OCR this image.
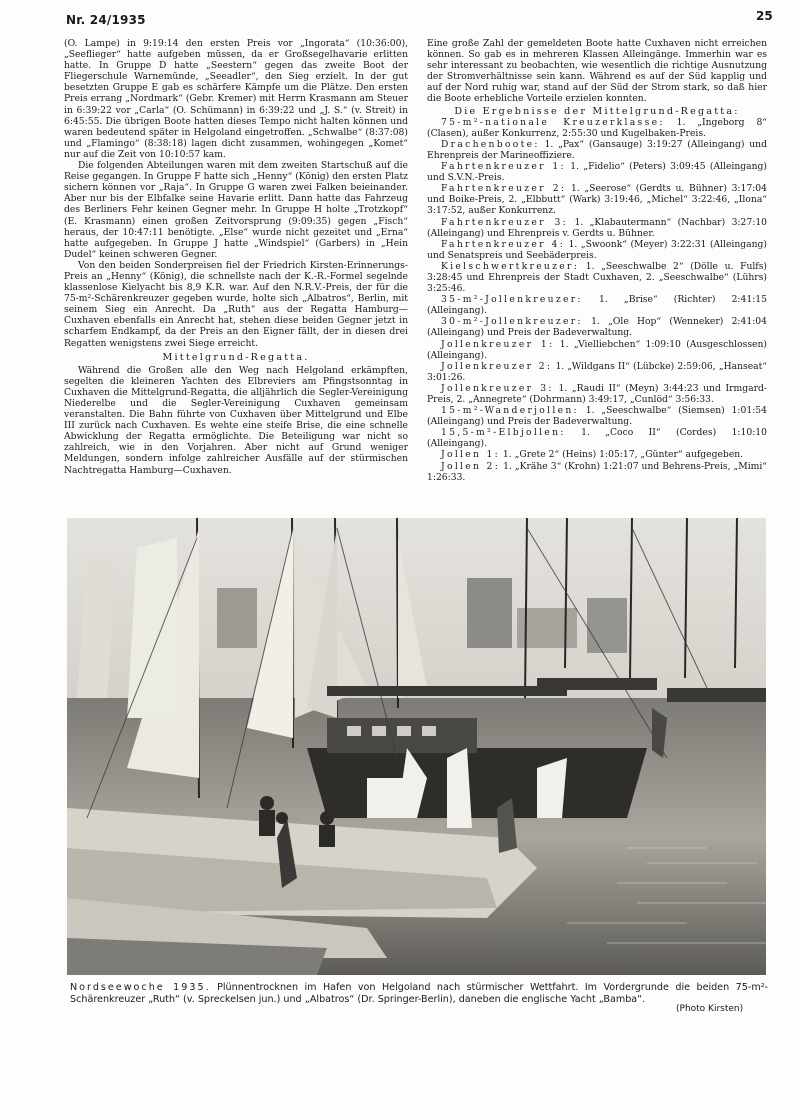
Nr. 24/1935	25

(O. Lampe) in 9:19:14 den ersten Preis vor „Ingorata“ (10:36:00), „Seeflieger“ hatte aufgeben müssen, da er Großsegelhavarie erlitten hatte. In Gruppe D hatte „Seestern“ gegen das zweite Boot der Fliegerschule Warnemünde, „Seeadler“, den Sieg erzielt. In der gut besetzten Gruppe E gab es schärfere Kämpfe um die Plätze. Den ersten Preis errang „Nordmark“ (Gebr. Kremer) mit Herrn Krasmann am Steuer in 6:39:22 vor „Carla“ (O. Schümann) in 6:39:22 und „J. S.“ (v. Streit) in 6:45:55. Die übrigen Boote hatten dieses Tempo nicht halten können und waren bedeutend später in Helgoland eingetroffen. „Schwalbe“ (8:37:08) und „Flamingo“ (8:38:18) lagen dicht zusammen, wohingegen „Komet“ nur auf die Zeit von 10:10:57 kam.

Die folgenden Abteilungen waren mit dem zweiten Startschuß auf die Reise gegangen. In Gruppe F hatte sich „Henny“ (König) den ersten Platz sichern können vor „Raja“. In Gruppe G waren zwei Falken beieinander. Aber nur bis der Elbfalke seine Havarie erlitt. Dann hatte das Fahrzeug des Berliners Fehr keinen Gegner mehr. In Gruppe H holte „Trotzkopf“ (E. Krasmann) einen großen Zeitvorsprung (9:09:35) gegen „Fisch“ heraus, der 10:47:11 benötigte. „Else“ wurde nicht gezeitet und „Erna“ hatte aufgegeben. In Gruppe J hatte „Windspiel“ (Garbers) in „Hein Dudel“ keinen schweren Gegner.

Von den beiden Sonderpreisen fiel der Friedrich Kirsten-Erinnerungs-Preis an „Henny“ (König), die schnellste nach der K.-R.-Formel segelnde klassenlose Kielyacht bis 8,9 K.R. war. Auf den N.R.V.-Preis, der für die 75-m²-Schärenkreuzer gegeben wurde, holte sich „Albatros“, Berlin, mit seinem Sieg ein Anrecht. Da „Ruth“ aus der Regatta Hamburg—Cuxhaven ebenfalls ein Anrecht hat, stehen diese beiden Gegner jetzt in scharfem Endkampf, da der Preis an den Eigner fällt, der in diesen drei Regatten wenigstens zwei Siege erreicht.

Mittelgrund-Regatta.

Während die Großen alle den Weg nach Helgoland erkämpften, segelten die kleineren Yachten des Elbreviers am Pfingstsonntag in Cuxhaven die Mittelgrund-Regatta, die alljährlich die Segler-Vereinigung Niederelbe und die Segler-Vereinigung Cuxhaven gemeinsam veranstalten. Die Bahn führte von Cuxhaven über Mittelgrund und Elbe III zurück nach Cuxhaven. Es wehte eine steife Brise, die eine schnelle Abwicklung der Regatta ermöglichte. Die Beteiligung war nicht so zahlreich, wie in den Vorjahren. Aber nicht auf Grund weniger Meldungen, sondern infolge zahlreicher Ausfälle auf der stürmischen Nachtregatta Hamburg—Cuxhaven.

Eine große Zahl der gemeldeten Boote hatte Cuxhaven nicht erreichen können. So gab es in mehreren Klassen Alleingänge. Immerhin war es sehr interessant zu beobachten, wie wesentlich die richtige Ausnutzung der Stromverhältnisse sein kann. Während es auf der Süd kapplig und auf der Nord ruhig war, stand auf der Süd der Strom stark, so daß hier die Boote erhebliche Vorteile erzielen konnten.

Die Ergebnisse der Mittelgrund-Regatta:

75-m²-nationale Kreuzerklasse: 1. „Ingeborg 8“ (Clasen), außer Konkurrenz, 2:55:30 und Kugelbaken-Preis.

Drachenboote: 1. „Pax“ (Gansauge) 3:19:27 (Alleingang) und Ehrenpreis der Marineoffiziere.

Fahrtenkreuzer 1: 1. „Fidelio“ (Peters) 3:09:45 (Alleingang) und S.V.N.-Preis.

Fahrtenkreuzer 2: 1. „Seerose“ (Gerdts u. Bühner) 3:17:04 und Boike-Preis, 2. „Elbbutt“ (Wark) 3:19:46, „Michel“ 3:22:46, „Ilona“ 3:17:52, außer Konkurrenz.

Fahrtenkreuzer 3: 1. „Klabautermann“ (Nachbar) 3:27:10 (Alleingang) und Ehrenpreis v. Gerdts u. Bühner.

Fahrtenkreuzer 4: 1. „Swoonk“ (Meyer) 3:22:31 (Alleingang) und Senatspreis und Seebäderpreis.

Kielschwertkreuzer: 1. „Seeschwalbe 2“ (Dölle u. Fulfs) 3:28:45 und Ehrenpreis der Stadt Cuxhaven, 2. „Seeschwalbe“ (Lührs) 3:25:46.

35-m²-Jollenkreuzer: 1. „Brise“ (Richter) 2:41:15 (Alleingang).

30-m²-Jollenkreuzer: 1. „Ole Hop“ (Wenneker) 2:41:04 (Alleingang) und Preis der Badeverwaltung.

Jollenkreuzer 1: 1. „Vielliebchen“ 1:09:10 (Ausgeschlossen) (Alleingang).

Jollenkreuzer 2: 1. „Wildgans II“ (Lübcke) 2:59:06, „Hanseat“ 3:01:26.

Jollenkreuzer 3: 1. „Raudi II“ (Meyn) 3:44:23 und Irmgard-Preis, 2. „Annegrete“ (Dohrmann) 3:49:17, „Cunlöd“ 3:56:33.

15-m²-Wanderjollen: 1. „Seeschwalbe“ (Siemsen) 1:01:54 (Alleingang) und Preis der Badeverwaltung.

15,5-m²-Elbjollen: 1. „Coco II“ (Cordes) 1:10:10 (Alleingang).

Jollen 1: 1. „Grete 2“ (Heins) 1:05:17, „Günter“ aufgegeben.

Jollen 2: 1. „Krähe 3“ (Krohn) 1:21:07 und Behrens-Preis, „Mimi“ 1:26:33.

Nordseewoche 1935. Plünnentrocknen im Hafen von Helgoland nach stürmischer Wettfahrt. Im Vordergrunde die beiden 75-m²-Schärenkreuzer „Ruth“ (v. Spreckelsen jun.) und „Albatros“ (Dr. Springer-Berlin), daneben die englische Yacht „Bamba“.
(Photo Kirsten)
